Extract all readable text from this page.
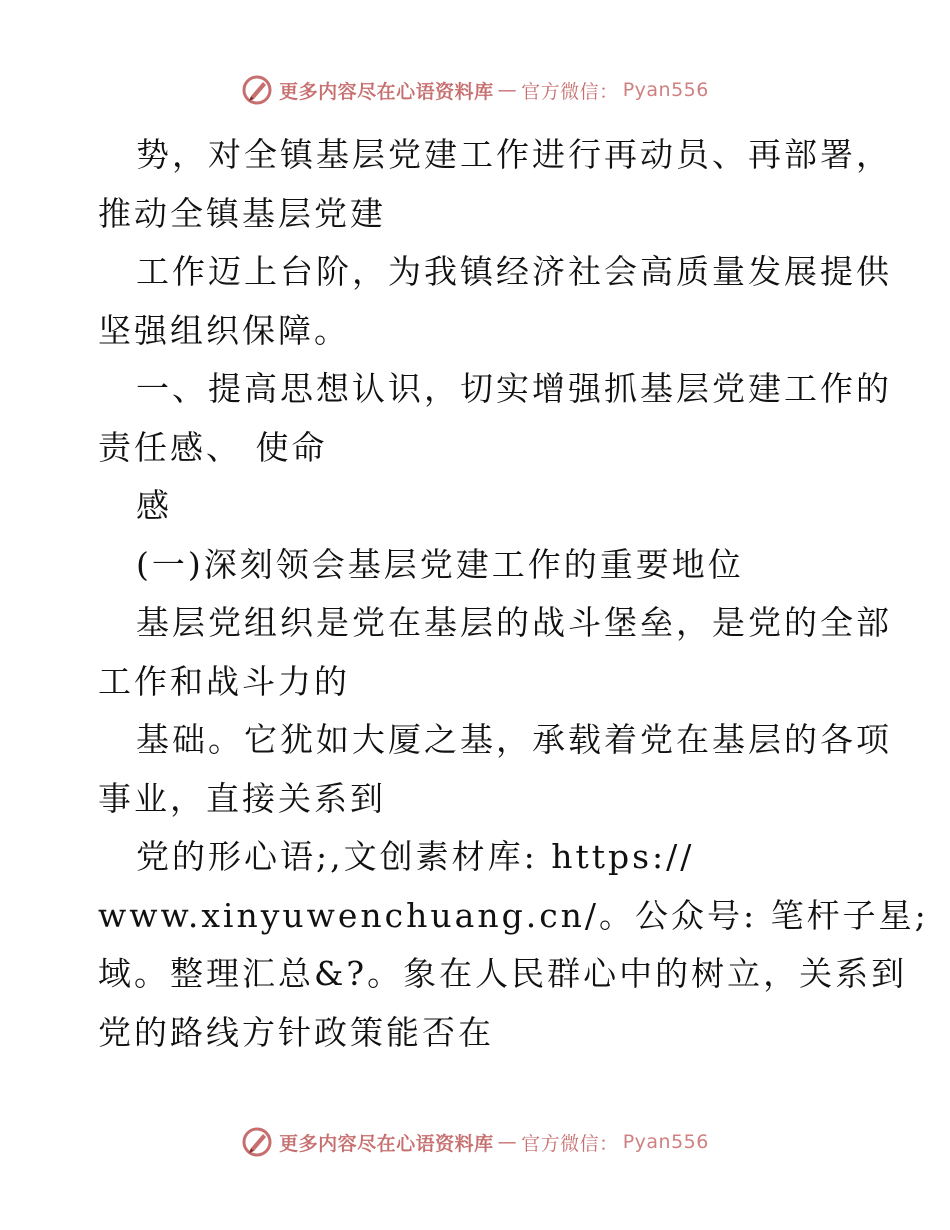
更多内容尽在心语资料库 — 官方微信： Pyan556
势，对全镇基层党建工作进行再动员、再部署，
推动全镇基层党建
工作迈上台阶，为我镇经济社会高质量发展提供
坚强组织保障。
一、提高思想认识，切实增强抓基层党建工作的
责任感、 使命
感
(一)深刻领会基层党建工作的重要地位
基层党组织是党在基层的战斗堡垒，是党的全部
工作和战斗力的
基础。它犹如大厦之基，承载着党在基层的各项
事业，直接关系到
党的形心语;,文创素材库: https://
www.xinyuwenchuang.cn/。公众号: 笔杆子星;
域。整理汇总&?。象在人民群心中的树立，关系到
党的路线方针政策能否在
更多内容尽在心语资料库 — 官方微信： Pyan556
